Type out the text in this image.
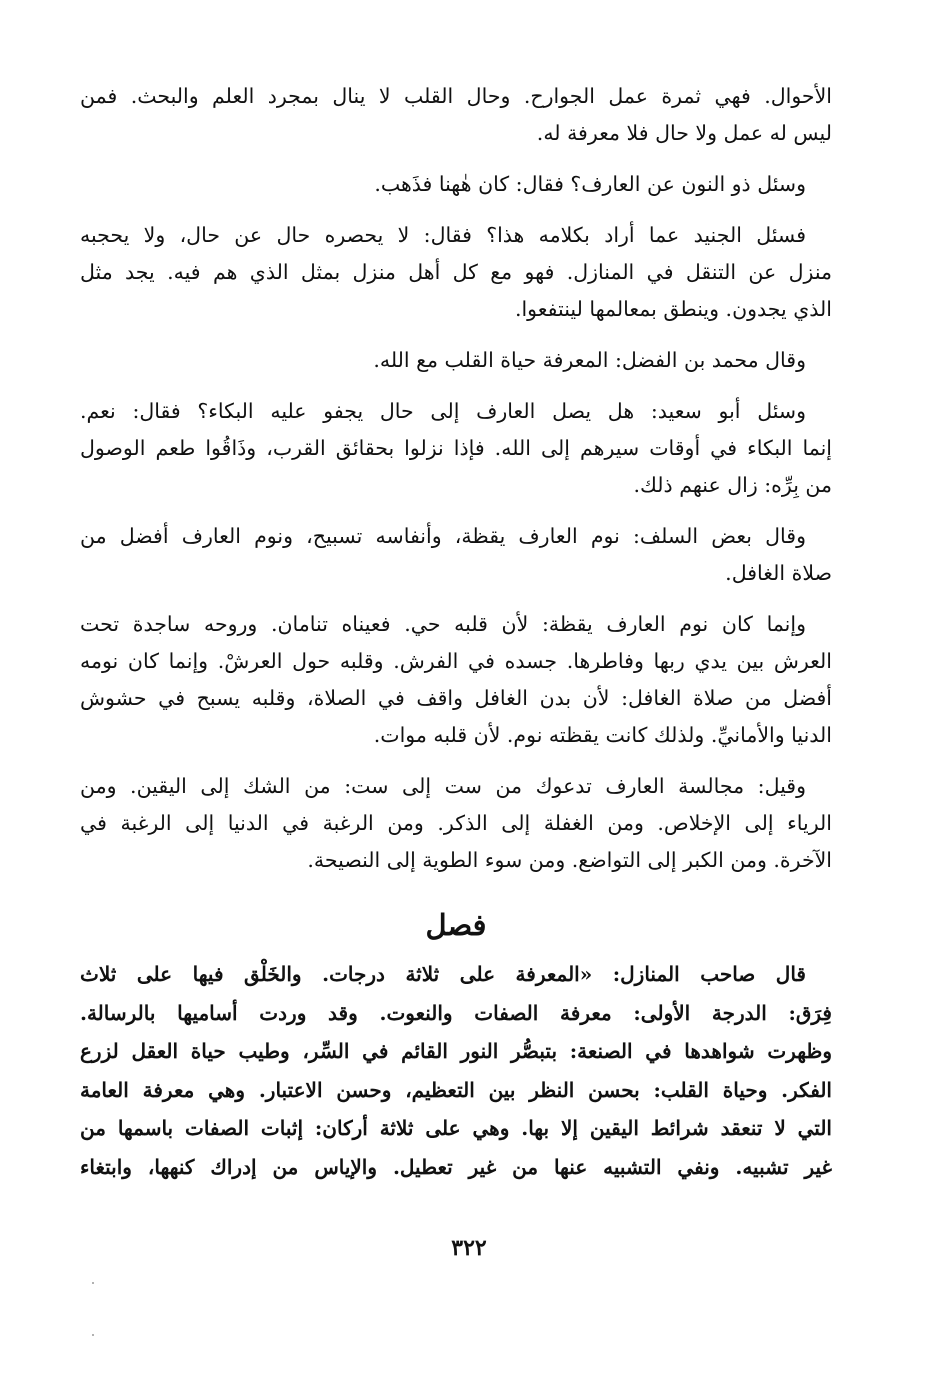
الأحوال. فهي ثمرة عمل الجوارح. وحال القلب لا ينال بمجرد العلم والبحث. فمن
ليس له عمل ولا حال فلا معرفة له.

وسئل ذو النون عن العارف؟ فقال: كان هٰهنا فذَهب.

فسئل الجنيد عما أراد بكلامه هذا؟ فقال: لا يحصره حال عن حال، ولا يحجبه
منزل عن التنقل في المنازل. فهو مع كل أهل منزل بمثل الذي هم فيه. يجد مثل
الذي يجدون. وينطق بمعالمها لينتفعوا.

وقال محمد بن الفضل: المعرفة حياة القلب مع الله.

وسئل أبو سعيد: هل يصل العارف إلى حال يجفو عليه البكاء؟ فقال: نعم.
إنما البكاء في أوقات سيرهم إلى الله. فإذا نزلوا بحقائق القرب، وذَاقُوا طعم الوصول
من بِرِّه: زال عنهم ذلك.

وقال بعض السلف: نوم العارف يقظة، وأنفاسه تسبيح، ونوم العارف أفضل من
صلاة الغافل.

وإنما كان نوم العارف يقظة: لأن قلبه حي. فعيناه تنامان. وروحه ساجدة تحت
العرش بين يدي ربها وفاطرها. جسده في الفرش. وقلبه حول العرشْ. وإنما كان نومه
أفضل من صلاة الغافل: لأن بدن الغافل واقف في الصلاة، وقلبه يسبح في حشوش
الدنيا والأمانيِّ. ولذلك كانت يقظته نوم. لأن قلبه موات.

وقيل: مجالسة العارف تدعوك من ست إلى ست: من الشك إلى اليقين. ومن
الرياء إلى الإخلاص. ومن الغفلة إلى الذكر. ومن الرغبة في الدنيا إلى الرغبة في
الآخرة. ومن الكبر إلى التواضع. ومن سوء الطوية إلى النصيحة.

فصل

قال صاحب المنازل: «المعرفة على ثلاثة درجات. والخَلْق فيها على ثلاث
فِرَق: الدرجة الأولى: معرفة الصفات والنعوت. وقد وردت أساميها بالرسالة.
وظهرت شواهدها في الصنعة: بتبصُّر النور القائم في السِّر، وطيب حياة العقل لزرع
الفكر. وحياة القلب: بحسن النظر بين التعظيم، وحسن الاعتبار. وهي معرفة العامة
التي لا تنعقد شرائط اليقين إلا بها. وهي على ثلاثة أركان: إثبات الصفات باسمها من
غير تشبيه. ونفي التشبيه عنها من غير تعطيل. والإياس من إدراك كنهها، وابتغاء

٣٢٢
